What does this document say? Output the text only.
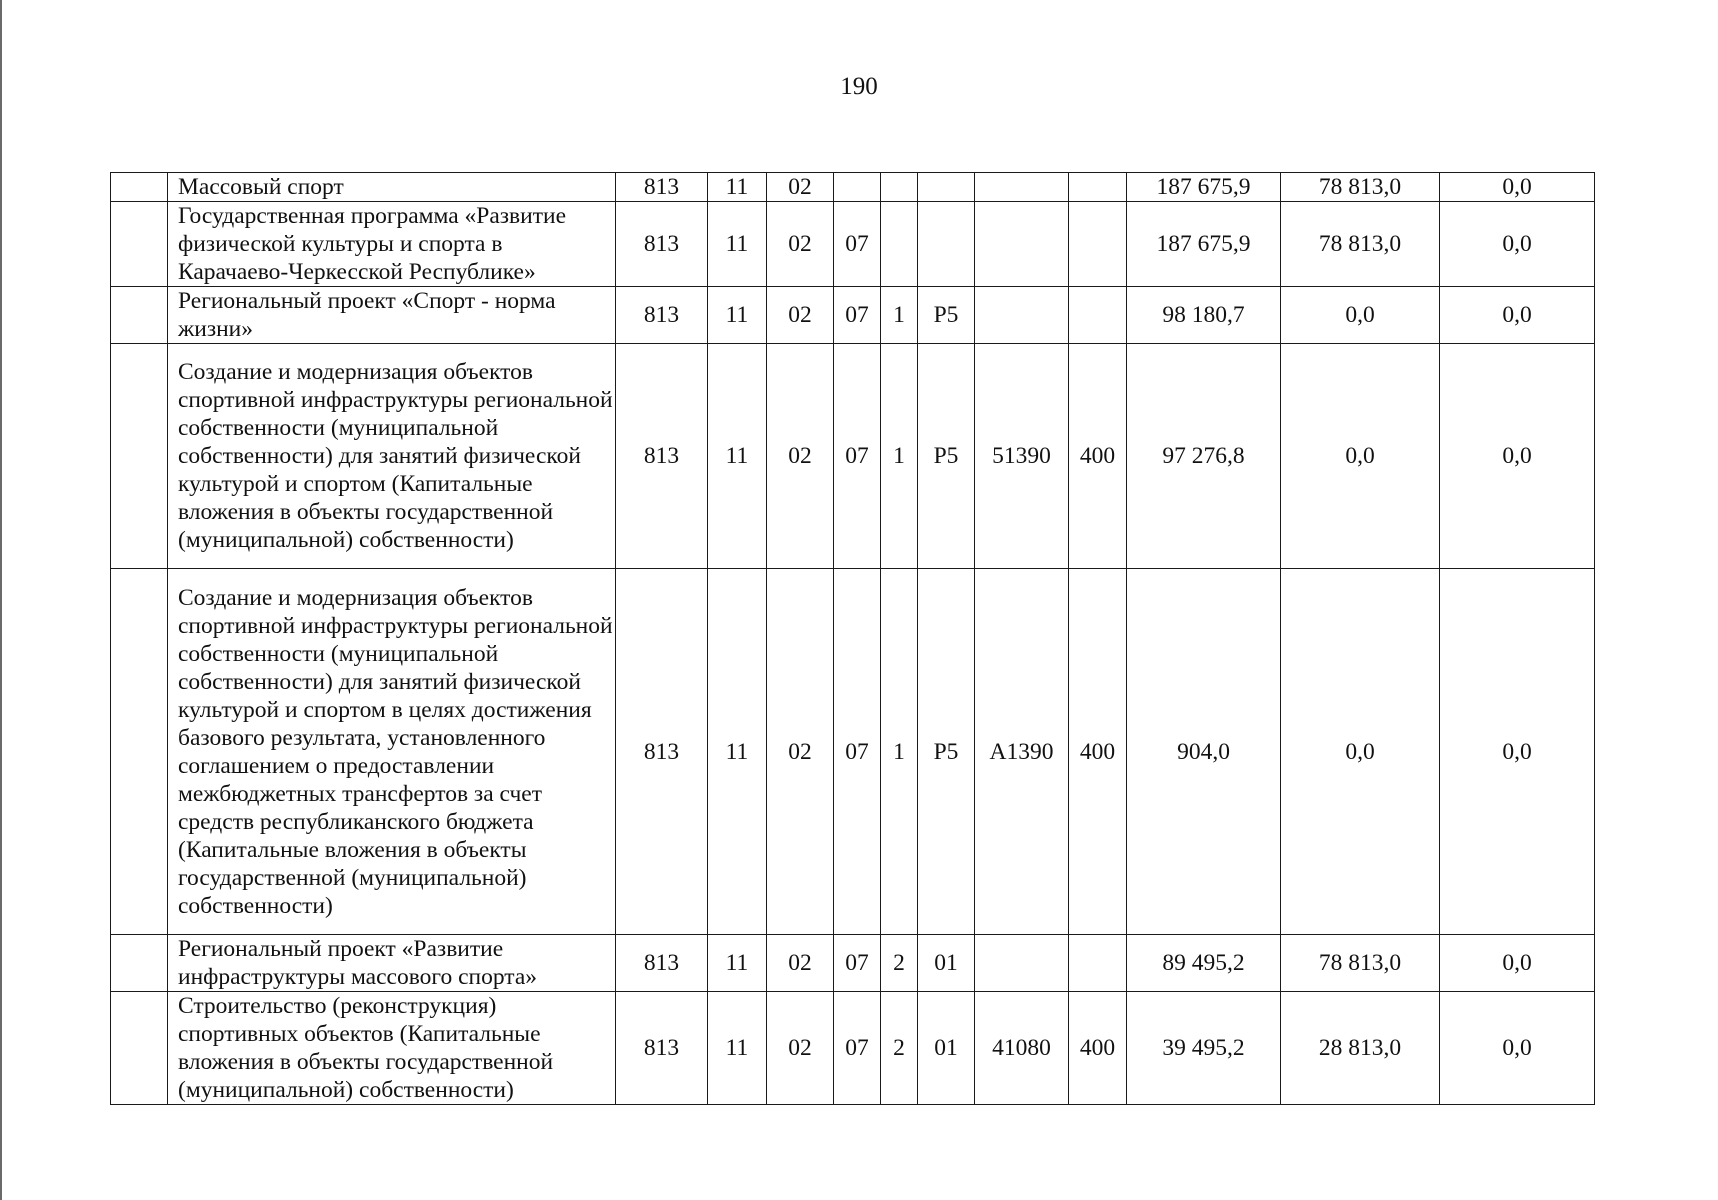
190
	Массовый спорт	813	11	02						187 675,9	78 813,0	0,0
	Государственная программа «Развитие физической культуры и спорта в Карачаево-Черкесской Республике»	813	11	02	07					187 675,9	78 813,0	0,0
	Региональный проект «Спорт - норма жизни»	813	11	02	07	1	P5			98 180,7	0,0	0,0
	Создание и модернизация объектов спортивной инфраструктуры региональной собственности (муниципальной собственности) для занятий физической культурой и спортом (Капитальные вложения в объекты государственной (муниципальной) собственности)	813	11	02	07	1	P5	51390	400	97 276,8	0,0	0,0
	Создание и модернизация объектов спортивной инфраструктуры региональной собственности (муниципальной собственности) для занятий физической культурой и спортом в целях достижения базового результата, установленного соглашением о предоставлении межбюджетных трансфертов за счет средств республиканского бюджета (Капитальные вложения в объекты государственной (муниципальной) собственности)	813	11	02	07	1	P5	A1390	400	904,0	0,0	0,0
	Региональный проект «Развитие инфраструктуры массового спорта»	813	11	02	07	2	01			89 495,2	78 813,0	0,0
	Строительство (реконструкция) спортивных объектов (Капитальные вложения в объекты государственной (муниципальной) собственности)	813	11	02	07	2	01	41080	400	39 495,2	28 813,0	0,0
